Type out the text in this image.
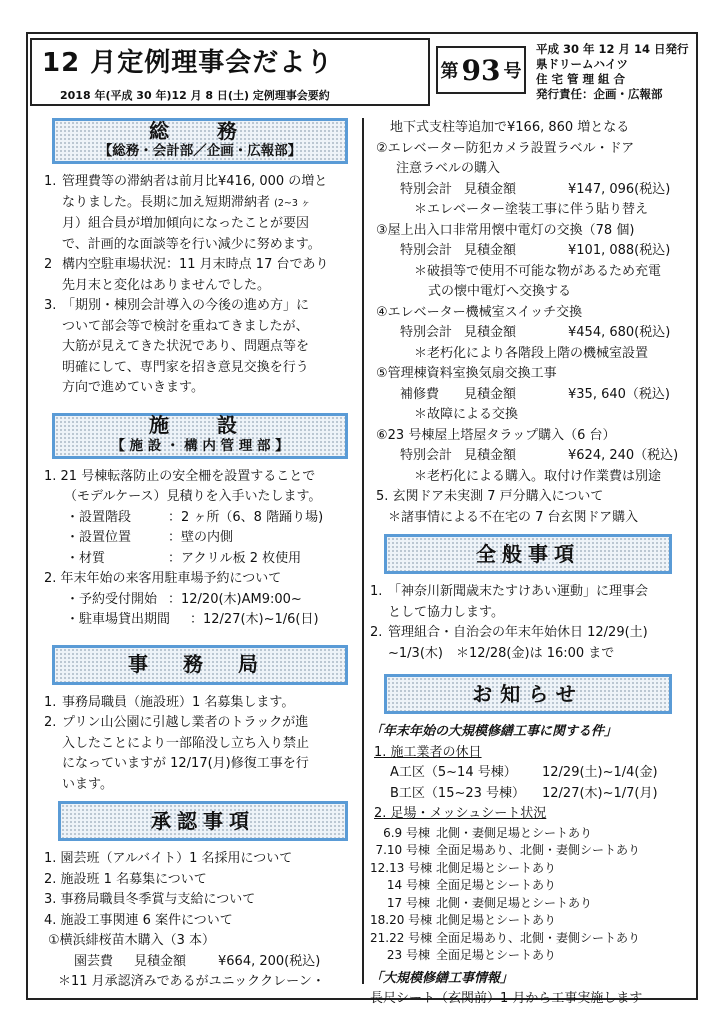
12 月定例理事会だより
2018 年(平成 30 年)12 月 8 日(土) 定例理事会要約
第 93 号
平成 30 年 12 月 14 日発行
県ドリームハイツ
住 宅 管 理 組 合
発行責任：企画・広報部
総　務
【総務・会計部／企画・広報部】
1. 管理費等の滞納者は前月比¥416, 000 の増と
なりました。長期に加え短期滞納者 (2~3 ヶ
月）組合員が増加傾向になったことが要因
で、計画的な面談等を行い減少に努めます。
2 構内空駐車場状況：11 月末時点 17 台であり
先月末と変化はありませんでした。
3. 「期別・棟別会計導入の今後の進め方」に
ついて部会等で検討を重ねてきましたが、
大筋が見えてきた状況であり、問題点等を
明確にして、専門家を招き意見交換を行う
方向で進めていきます。
施　設
【 施 設 ・ 構 内 管 理 部 】
1. 21 号棟転落防止の安全柵を設置することで
（モデルケース）見積りを入手いたします。
・設置階段	：2 ヶ所（6、8 階踊り場)
・設置位置	：壁の内側
・材質	：アクリル板 2 枚使用
2. 年末年始の来客用駐車場予約について
・予約受付開始 ：12/20(木)AM9:00~
・駐車場貸出期間	：12/27(木)~1/6(日)
事 務 局
1. 事務局職員（施設班）1 名募集します。
2. プリン山公園に引越し業者のトラックが進
入したことにより一部陥没し立ち入り禁止
になっていますが 12/17(月)修復工事を行
います。
承認事項
1. 園芸班（アルバイト）1 名採用について
2. 施設班 1 名募集について
3. 事務局職員冬季賞与支給について
4. 施設工事関連 6 案件について
①横浜緋桜苗木購入（3 本）
園芸費	見積金額	¥664, 200(税込)
＊11 月承認済みであるがユニッククレーン・
地下式支柱等追加で¥166, 860 増となる
②エレベーター防犯カメラ設置ラベル・ドア
注意ラベルの購入
特別会計 見積金額	¥147, 096(税込)
＊エレベーター塗装工事に伴う貼り替え
③屋上出入口非常用懐中電灯の交換（78 個)
特別会計 見積金額	¥101, 088(税込)
＊破損等で使用不可能な物があるため充電
式の懐中電灯へ交換する
④エレベーター機械室スイッチ交換
特別会計 見積金額	¥454, 680(税込)
＊老朽化により各階段上階の機械室設置
⑤管理棟資料室換気扇交換工事
補修費	見積金額	¥35, 640（税込)
＊故障による交換
⑥23 号棟屋上塔屋タラップ購入（6 台）
特別会計 見積金額	¥624, 240（税込)
＊老朽化による購入。取付け作業費は別途
5. 玄関ドア未実測 7 戸分購入について
＊諸事情による不在宅の 7 台玄関ドア購入
全般事項
1. 「神奈川新聞歳末たすけあい運動」に理事会
として協力します。
2. 管理組合・自治会の年末年始休日 12/29(土)
~1/3(木)　＊12/28(金)は 16:00 まで
お知らせ
「年末年始の大規模修繕工事に関する件」
1. 施工業者の休日
A工区（5~14 号棟）	12/29(土)~1/4(金)
B工区（15~23 号棟）	12/27(木)~1/7(月)
2. 足場・メッシュシート状況
6.9 号棟 北側・妻側足場とシートあり
7.10 号棟 全面足場あり、北側・妻側シートあり
12.13 号棟 北側足場とシートあり
14 号棟 全面足場とシートあり
17 号棟 北側・妻側足場とシートあり
18.20 号棟 北側足場とシートあり
21.22 号棟 全面足場あり、北側・妻側シートあり
23 号棟 全面足場とシートあり
「大規模修繕工事情報」
長尺シート（玄関前）1 月から工事実施します
